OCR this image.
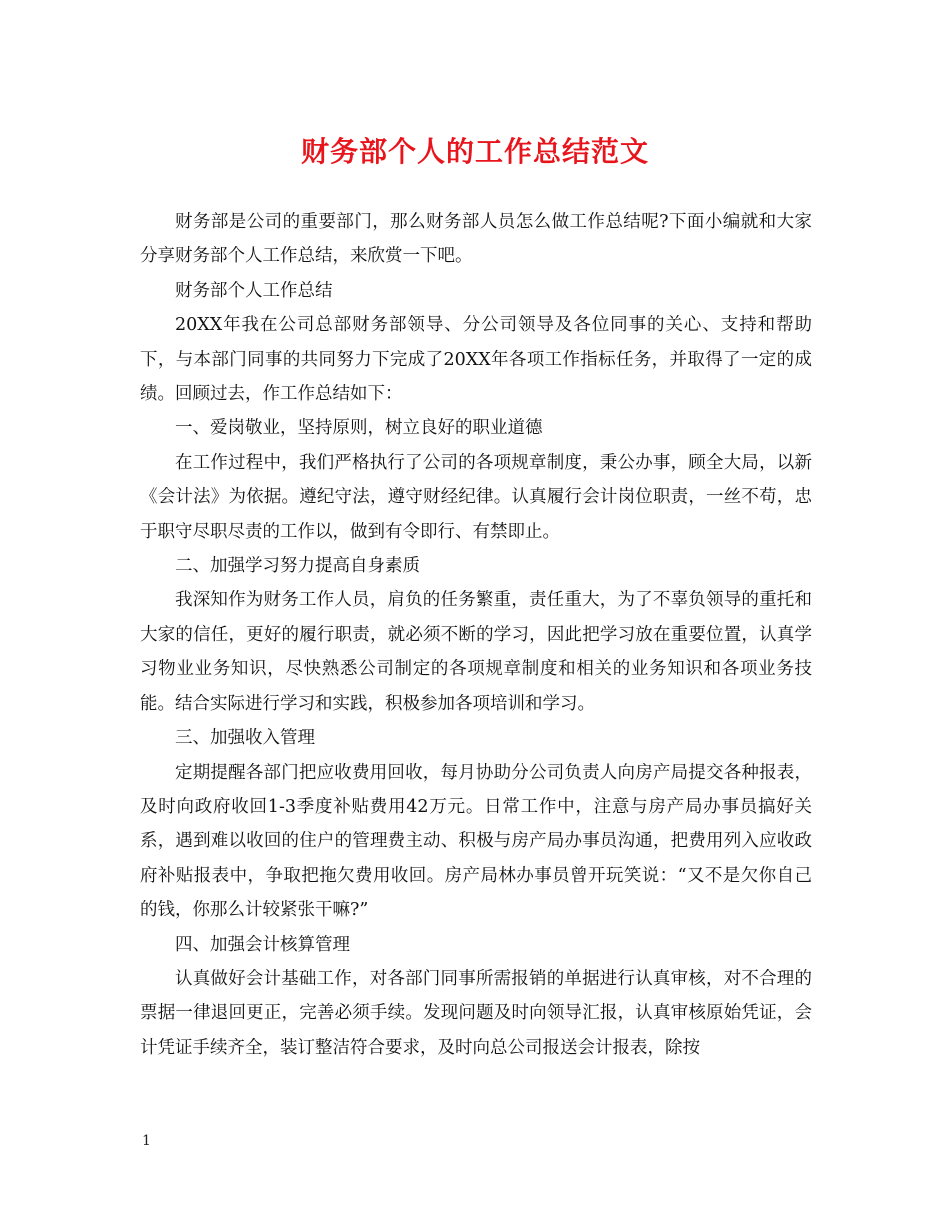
财务部个人的工作总结范文

财务部是公司的重要部门，那么财务部人员怎么做工作总结呢?下面小编就和大家分享财务部个人工作总结，来欣赏一下吧。

财务部个人工作总结

20XX年我在公司总部财务部领导、分公司领导及各位同事的关心、支持和帮助下，与本部门同事的共同努力下完成了20XX年各项工作指标任务，并取得了一定的成绩。回顾过去，作工作总结如下：

一、爱岗敬业，坚持原则，树立良好的职业道德

在工作过程中，我们严格执行了公司的各项规章制度，秉公办事，顾全大局，以新《会计法》为依据。遵纪守法，遵守财经纪律。认真履行会计岗位职责，一丝不苟，忠于职守尽职尽责的工作以，做到有令即行、有禁即止。

二、加强学习努力提高自身素质

我深知作为财务工作人员，肩负的任务繁重，责任重大，为了不辜负领导的重托和大家的信任，更好的履行职责，就必须不断的学习，因此把学习放在重要位置，认真学习物业业务知识，尽快熟悉公司制定的各项规章制度和相关的业务知识和各项业务技能。结合实际进行学习和实践，积极参加各项培训和学习。

三、加强收入管理

定期提醒各部门把应收费用回收，每月协助分公司负责人向房产局提交各种报表，及时向政府收回1-3季度补贴费用42万元。日常工作中，注意与房产局办事员搞好关系，遇到难以收回的住户的管理费主动、积极与房产局办事员沟通，把费用列入应收政府补贴报表中，争取把拖欠费用收回。房产局林办事员曾开玩笑说：“又不是欠你自己的钱，你那么计较紧张干嘛?”

四、加强会计核算管理

认真做好会计基础工作，对各部门同事所需报销的单据进行认真审核，对不合理的票据一律退回更正，完善必须手续。发现问题及时向领导汇报，认真审核原始凭证，会计凭证手续齐全，装订整洁符合要求，及时向总公司报送会计报表，除按

1
